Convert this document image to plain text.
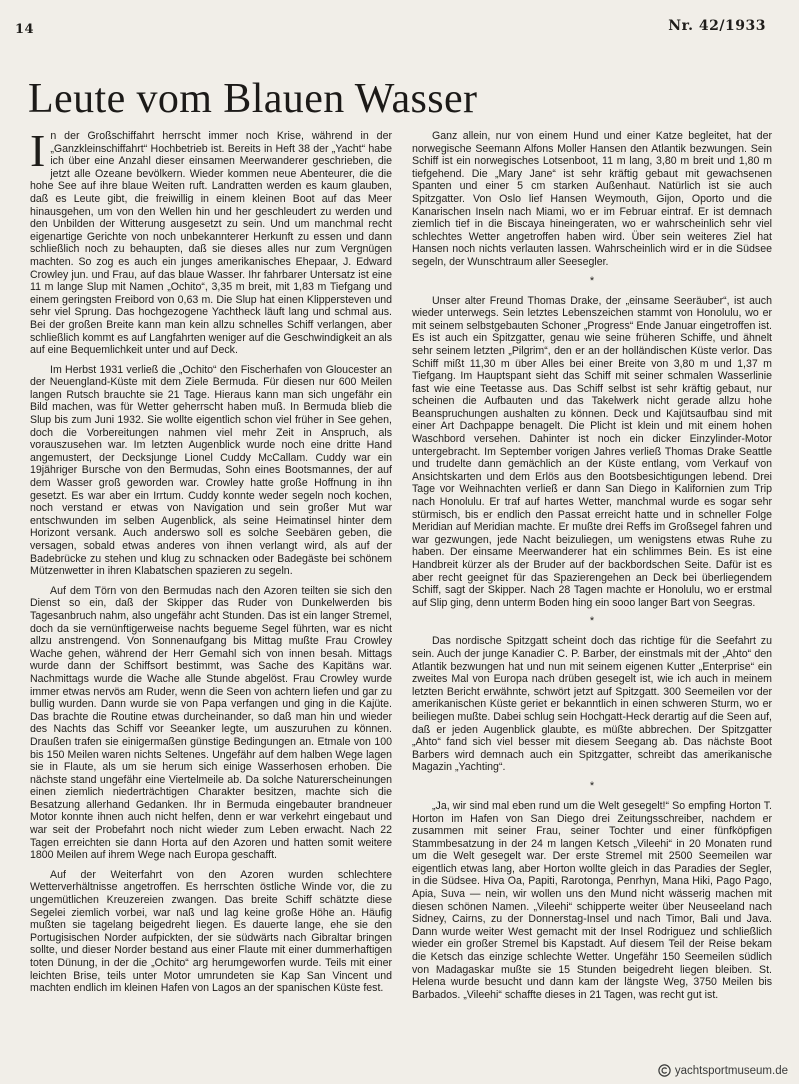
14	Nr. 42/1933
Leute vom Blauen Wasser

In der Großschiffahrt herrscht immer noch Krise, während in der „Ganzkleinschiffahrt“ Hochbetrieb ist. Bereits in Heft 38 der „Yacht“ habe ich über eine Anzahl dieser einsamen Meerwanderer geschrieben, die jetzt alle Ozeane bevölkern. Wieder kommen neue Abenteurer, die die hohe See auf ihre blaue Weiten ruft. Landratten werden es kaum glauben, daß es Leute gibt, die freiwillig in einem kleinen Boot auf das Meer hinausgehen, um von den Wellen hin und her geschleudert zu werden und den Unbilden der Witterung ausgesetzt zu sein. Und um manchmal recht eigenartige Gerichte von noch unbekannterer Herkunft zu essen und dann schließlich noch zu behaupten, daß sie dieses alles nur zum Vergnügen machten. So zog es auch ein junges amerikanisches Ehepaar, J. Edward Crowley jun. und Frau, auf das blaue Wasser. Ihr fahrbarer Untersatz ist eine 11 m lange Slup mit Namen „Ochito“, 3,35 m breit, mit 1,83 m Tiefgang und einem geringsten Freibord von 0,63 m. Die Slup hat einen Klippersteven und sehr viel Sprung. Das hochgezogene Yachtheck läuft lang und schmal aus. Bei der großen Breite kann man kein allzu schnelles Schiff verlangen, aber schließlich kommt es auf Langfahrten weniger auf die Geschwindigkeit an als auf eine Bequemlichkeit unter und auf Deck.

Im Herbst 1931 verließ die „Ochito“ den Fischerhafen von Gloucester an der Neuengland-Küste mit dem Ziele Bermuda. Für diesen nur 600 Meilen langen Rutsch brauchte sie 21 Tage. Hieraus kann man sich ungefähr ein Bild machen, was für Wetter geherrscht haben muß. In Bermuda blieb die Slup bis zum Juni 1932. Sie wollte eigentlich schon viel früher in See gehen, doch die Vorbereitungen nahmen viel mehr Zeit in Anspruch, als vorauszusehen war. Im letzten Augenblick wurde noch eine dritte Hand angemustert, der Decksjunge Lionel Cuddy McCallam. Cuddy war ein 19jähriger Bursche von den Bermudas, Sohn eines Bootsmannes, der auf dem Wasser groß geworden war. Crowley hatte große Hoffnung in ihn gesetzt. Es war aber ein Irrtum. Cuddy konnte weder segeln noch kochen, noch verstand er etwas von Navigation und sein großer Mut war entschwunden im selben Augenblick, als seine Heimatinsel hinter dem Horizont versank. Auch anderswo soll es solche Seebären geben, die versagen, sobald etwas anderes von ihnen verlangt wird, als auf der Badebrücke zu stehen und klug zu schnacken oder Badegäste bei schönem Mützenwetter in ihren Klabatschen spazieren zu segeln.

Auf dem Törn von den Bermudas nach den Azoren teilten sie sich den Dienst so ein, daß der Skipper das Ruder von Dunkelwerden bis Tagesanbruch nahm, also ungefähr acht Stunden. Das ist ein langer Stremel, doch da sie vernünftigerweise nachts beguemе Segel führten, war es nicht allzu anstrengend. Von Sonnenaufgang bis Mittag mußte Frau Crowley Wache gehen, während der Herr Gemahl sich von innen besah. Mittags wurde dann der Schiffsort bestimmt, was Sache des Kapitäns war. Nachmittags wurde die Wache alle Stunde abgelöst. Frau Crowley wurde immer etwas nervös am Ruder, wenn die Seen von achtern liefen und gar zu bullig wurden. Dann wurde sie von Papa verfangen und ging in die Kajüte. Das brachte die Routine etwas durcheinander, so daß man hin und wieder des Nachts das Schiff vor Seeanker legte, um auszuruhen zu können. Draußen trafen sie einigermaßen günstige Bedingungen an. Etmale von 100 bis 150 Meilen waren nichts Seltenes. Ungefähr auf dem halben Wege lagen sie in Flaute, als um sie herum sich einige Wasserhosen erhoben. Die nächste stand ungefähr eine Viertelmeile ab. Da solche Naturerscheinungen einen ziemlich niederträchtigen Charakter besitzen, machte sich die Besatzung allerhand Gedanken. Ihr in Bermuda eingebauter brandneuer Motor konnte ihnen auch nicht helfen, denn er war verkehrt eingebaut und war seit der Probefahrt noch nicht wieder zum Leben erwacht. Nach 22 Tagen erreichten sie dann Horta auf den Azoren und hatten somit weitere 1800 Meilen auf ihrem Wege nach Europa geschafft.

Auf der Weiterfahrt von den Azoren wurden schlechtere Wetterverhältnisse angetroffen. Es herrschten östliche Winde vor, die zu ungemütlichen Kreuzereien zwangen. Das breite Schiff schätzte diese Segelei ziemlich vorbei, war naß und lag keine große Höhe an. Häufig mußten sie tagelang beigedreht liegen. Es dauerte lange, ehe sie den Portugisischen Norder aufpickten, der sie südwärts nach Gibraltar bringen sollte, und dieser Norder bestand aus einer Flaute mit einer dummerhaftigen toten Dünung, in der die „Ochito“ arg herumgeworfen wurde. Teils mit einer leichten Brise, teils unter Motor umrundeten sie Kap San Vincent und machten endlich im kleinen Hafen von Lagos an der spanischen Küste fest.

Ganz allein, nur von einem Hund und einer Katze begleitet, hat der norwegische Seemann Alfons Moller Hansen den Atlantik bezwungen. Sein Schiff ist ein norwegisches Lotsenboot, 11 m lang, 3,80 m breit und 1,80 m tiefgehend. Die „Mary Jane“ ist sehr kräftig gebaut mit gewachsenen Spanten und einer 5 cm starken Außenhaut. Natürlich ist sie auch Spitzgatter. Von Oslo lief Hansen Weymouth, Gijon, Oporto und die Kanarischen Inseln nach Miami, wo er im Februar eintraf. Er ist demnach ziemlich tief in die Biscaya hineingeraten, wo er wahrscheinlich sehr viel schlechtes Wetter angetroffen haben wird. Über sein weiteres Ziel hat Hansen noch nichts verlauten lassen. Wahrscheinlich wird er in die Südsee segeln, der Wunschtraum aller Seesegler.

*

Unser alter Freund Thomas Drake, der „einsame Seeräuber“, ist auch wieder unterwegs. Sein letztes Lebenszeichen stammt von Honolulu, wo er mit seinem selbstgebauten Schoner „Progress“ Ende Januar eingetroffen ist. Es ist auch ein Spitzgatter, genau wie seine früheren Schiffe, und ähnelt sehr seinem letzten „Pilgrim“, den er an der holländischen Küste verlor. Das Schiff mißt 11,30 m über Alles bei einer Breite von 3,80 m und 1,37 m Tiefgang. Im Hauptspant sieht das Schiff mit seiner schmalen Wasserlinie fast wie eine Teetasse aus. Das Schiff selbst ist sehr kräftig gebaut, nur scheinen die Aufbauten und das Takelwerk nicht gerade allzu hohe Beanspruchungen aushalten zu können. Deck und Kajütsaufbau sind mit einer Art Dachpappe benagelt. Die Plicht ist klein und mit einem hohen Waschbord versehen. Dahinter ist noch ein dicker Einzylinder-Motor untergebracht. Im September vorigen Jahres verließ Thomas Drake Seattle und trudelte dann gemächlich an der Küste entlang, vom Verkauf von Ansichtskarten und dem Erlös aus den Bootsbesichtigungen lebend. Drei Tage vor Weihnachten verließ er dann San Diego in Kalifornien zum Trip nach Honolulu. Er traf auf hartes Wetter, manchmal wurde es sogar sehr stürmisch, bis er endlich den Passat erreicht hatte und in schneller Folge Meridian auf Meridian machte. Er mußte drei Reffs im Großsegel fahren und war gezwungen, jede Nacht beizuliegen, um wenigstens etwas Ruhe zu haben. Der einsame Meerwanderer hat ein schlimmes Bein. Es ist eine Handbreit kürzer als der Bruder auf der backbordschen Seite. Dafür ist es aber recht geeignet für das Spazierengehen an Deck bei überliegendem Schiff, sagt der Skipper. Nach 28 Tagen machte er Honolulu, wo er erstmal auf Slip ging, denn unterm Boden hing ein sooo langer Bart von Seegras.

*

Das nordische Spitzgatt scheint doch das richtige für die Seefahrt zu sein. Auch der junge Kanadier C. P. Barber, der einstmals mit der „Ahto“ den Atlantik bezwungen hat und nun mit seinem eigenen Kutter „Enterprise“ ein zweites Mal von Europa nach drüben gesegelt ist, wie ich auch in meinem letzten Bericht erwähnte, schwört jetzt auf Spitzgatt. 300 Seemeilen vor der amerikanischen Küste geriet er bekanntlich in einen schweren Sturm, wo er beiliegen mußte. Dabei schlug sein Hochgatt-Heck derartig auf die Seen auf, daß er jeden Augenblick glaubte, es müßte abbrechen. Der Spitzgatter „Ahto“ fand sich viel besser mit diesem Seegang ab. Das nächste Boot Barbers wird demnach auch ein Spitzgatter, schreibt das amerikanische Magazin „Yachting“.

*

„Ja, wir sind mal eben rund um die Welt gesegelt!“ So empfing Horton T. Horton im Hafen von San Diego drei Zeitungsschreiber, nachdem er zusammen mit seiner Frau, seiner Tochter und einer fünfköpfigen Stammbesatzung in der 24 m langen Ketsch „Vileehi“ in 20 Monaten rund um die Welt gesegelt war. Der erste Stremel mit 2500 Seemeilen war eigentlich etwas lang, aber Horton wollte gleich in das Paradies der Segler, in die Südsee. Hiva Oa, Papiti, Rarotonga, Penrhyn, Mana Hiki, Pago Pago, Apia, Suva — nein, wir wollen uns den Mund nicht wässerig machen mit diesen schönen Namen. „Vileehi“ schipperte weiter über Neuseeland nach Sidney, Cairns, zu der Donnerstag-Insel und nach Timor, Bali und Java. Dann wurde weiter West gemacht mit der Insel Rodriguez und schließlich wieder ein großer Stremel bis Kapstadt. Auf diesem Teil der Reise bekam die Ketsch das einzige schlechte Wetter. Ungefähr 150 Seemeilen südlich von Madagaskar mußte sie 15 Stunden beigedreht liegen bleiben. St. Helena wurde besucht und dann kam der längste Weg, 3750 Meilen bis Barbados. „Vileehi“ schaffte dieses in 21 Tagen, was recht gut ist.

yachtsportmuseum.de
